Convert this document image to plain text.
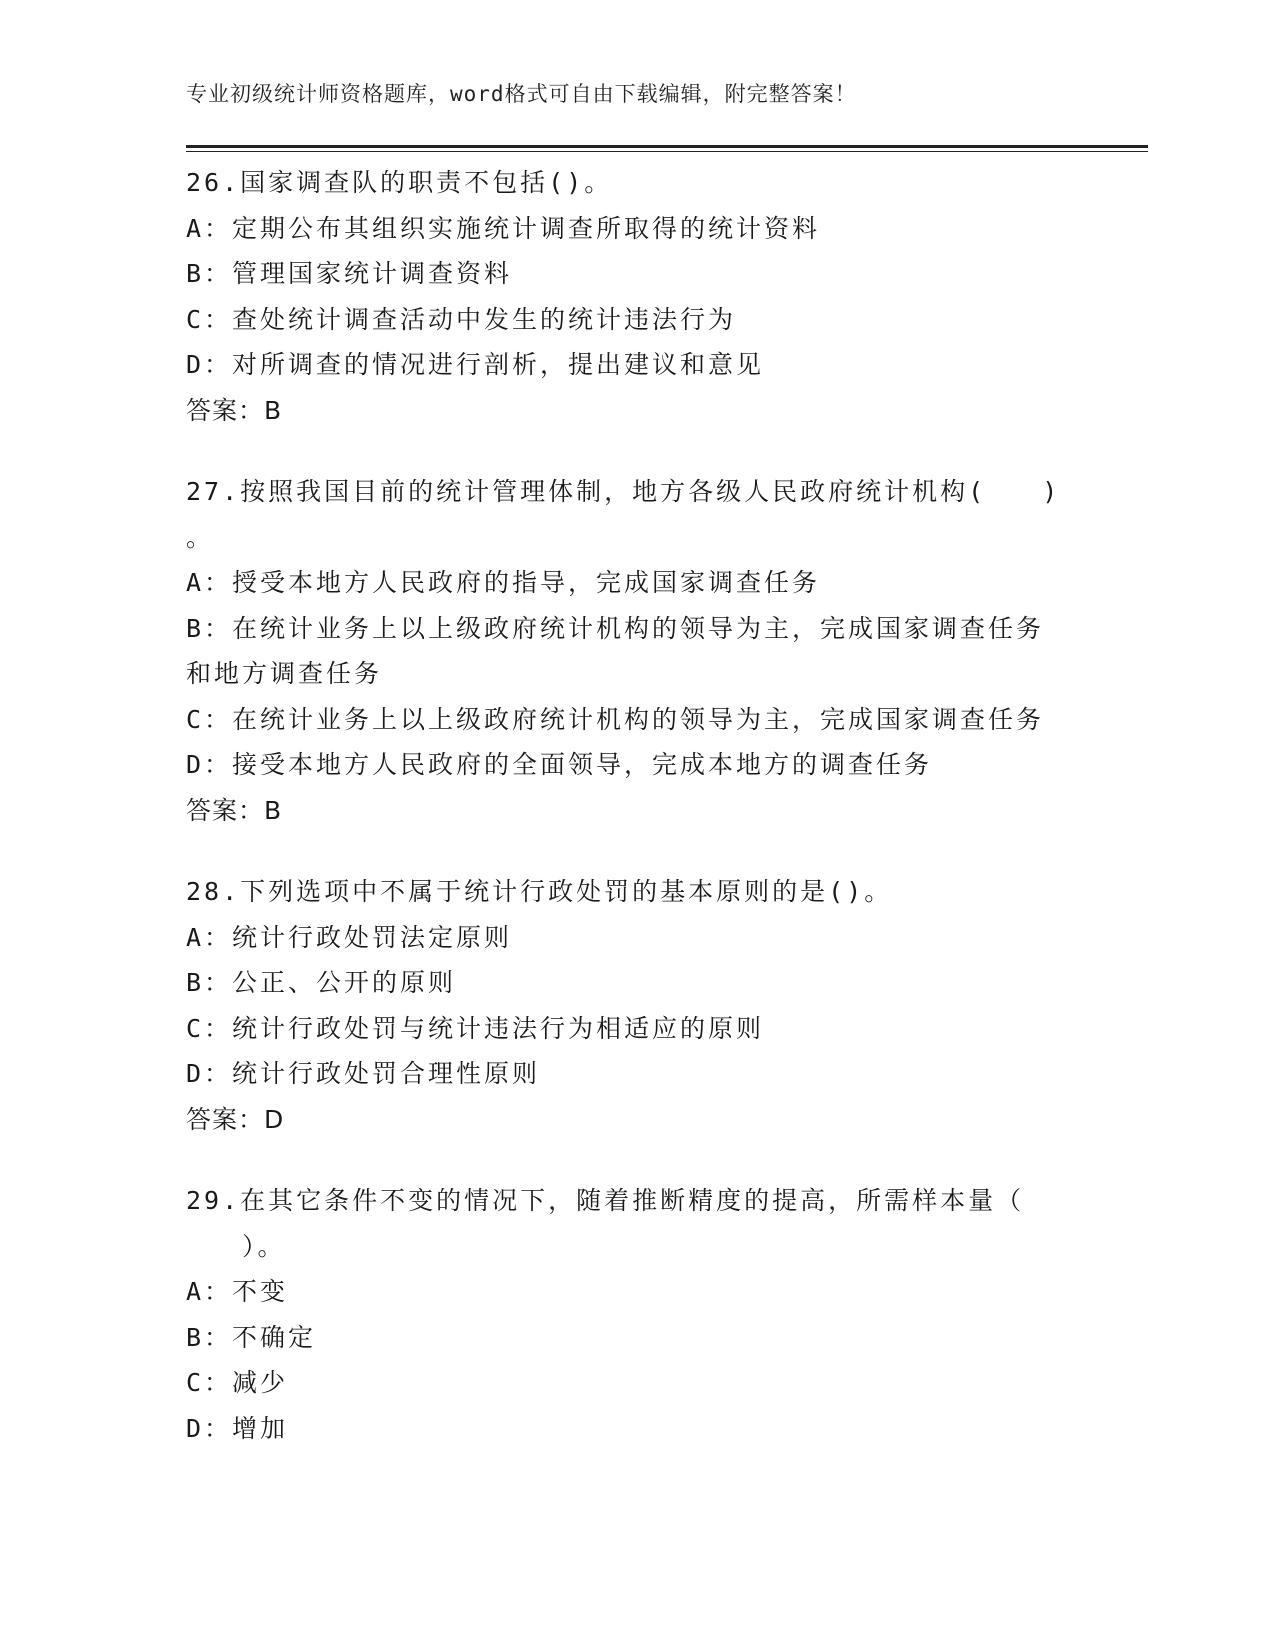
专业初级统计师资格题库，word格式可自由下载编辑，附完整答案！
26.国家调查队的职责不包括()。
A：定期公布其组织实施统计调查所取得的统计资料
B：管理国家统计调查资料
C：查处统计调查活动中发生的统计违法行为
D：对所调查的情况进行剖析，提出建议和意见
答案：B
27.按照我国目前的统计管理体制，地方各级人民政府统计机构(　　)
。
A：授受本地方人民政府的指导，完成国家调查任务
B：在统计业务上以上级政府统计机构的领导为主，完成国家调查任务
和地方调查任务
C：在统计业务上以上级政府统计机构的领导为主，完成国家调查任务
D：接受本地方人民政府的全面领导，完成本地方的调查任务
答案：B
28.下列选项中不属于统计行政处罚的基本原则的是()。
A：统计行政处罚法定原则
B：公正、公开的原则
C：统计行政处罚与统计违法行为相适应的原则
D：统计行政处罚合理性原则
答案：D
29.在其它条件不变的情况下，随着推断精度的提高，所需样本量（
　　）。
A：不变
B：不确定
C：减少
D：增加
